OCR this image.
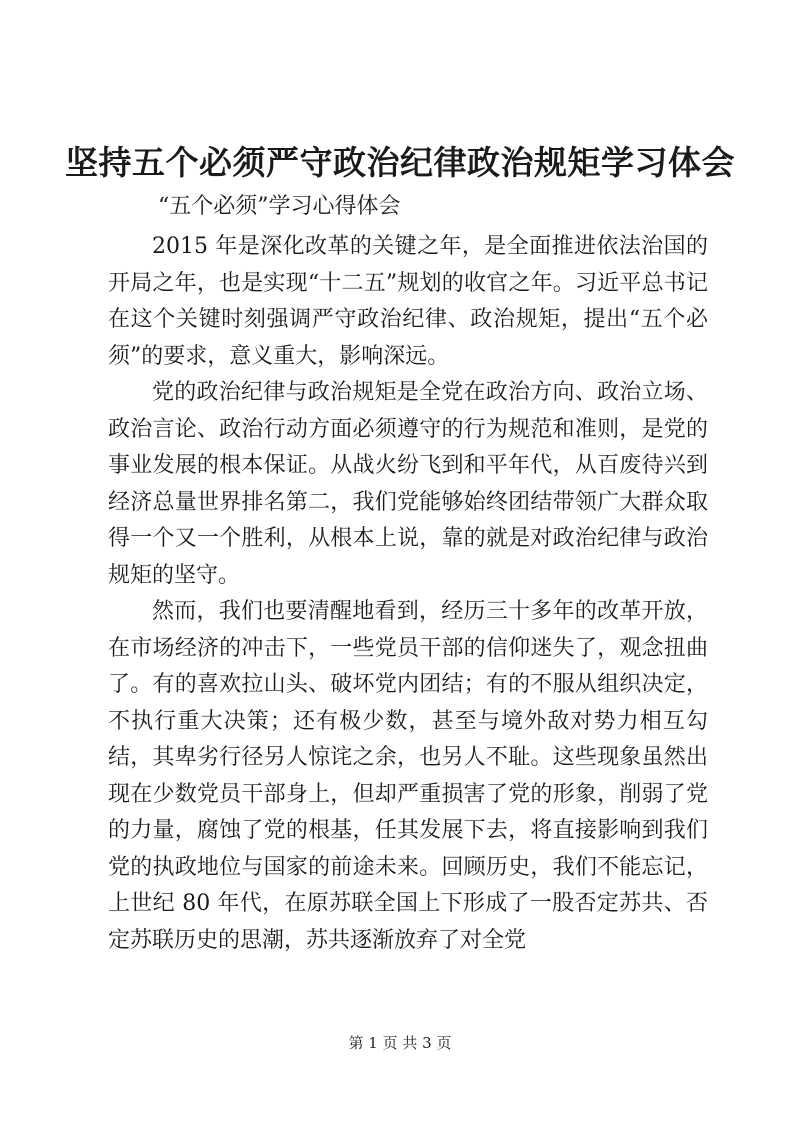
坚持五个必须严守政治纪律政治规矩学习体会

“五个必须”学习心得体会

2015 年是深化改革的关键之年，是全面推进依法治国的开局之年，也是实现“十二五”规划的收官之年。习近平总书记在这个关键时刻强调严守政治纪律、政治规矩，提出“五个必须”的要求，意义重大，影响深远。

党的政治纪律与政治规矩是全党在政治方向、政治立场、政治言论、政治行动方面必须遵守的行为规范和准则，是党的事业发展的根本保证。从战火纷飞到和平年代，从百废待兴到经济总量世界排名第二，我们党能够始终团结带领广大群众取得一个又一个胜利，从根本上说，靠的就是对政治纪律与政治规矩的坚守。

然而，我们也要清醒地看到，经历三十多年的改革开放，在市场经济的冲击下，一些党员干部的信仰迷失了，观念扭曲了。有的喜欢拉山头、破坏党内团结；有的不服从组织决定，不执行重大决策；还有极少数，甚至与境外敌对势力相互勾结，其卑劣行径另人惊诧之余，也另人不耻。这些现象虽然出现在少数党员干部身上，但却严重损害了党的形象，削弱了党的力量，腐蚀了党的根基，任其发展下去，将直接影响到我们党的执政地位与国家的前途未来。回顾历史，我们不能忘记，上世纪 80 年代，在原苏联全国上下形成了一股否定苏共、否定苏联历史的思潮，苏共逐渐放弃了对全党

第 1 页 共 3 页
